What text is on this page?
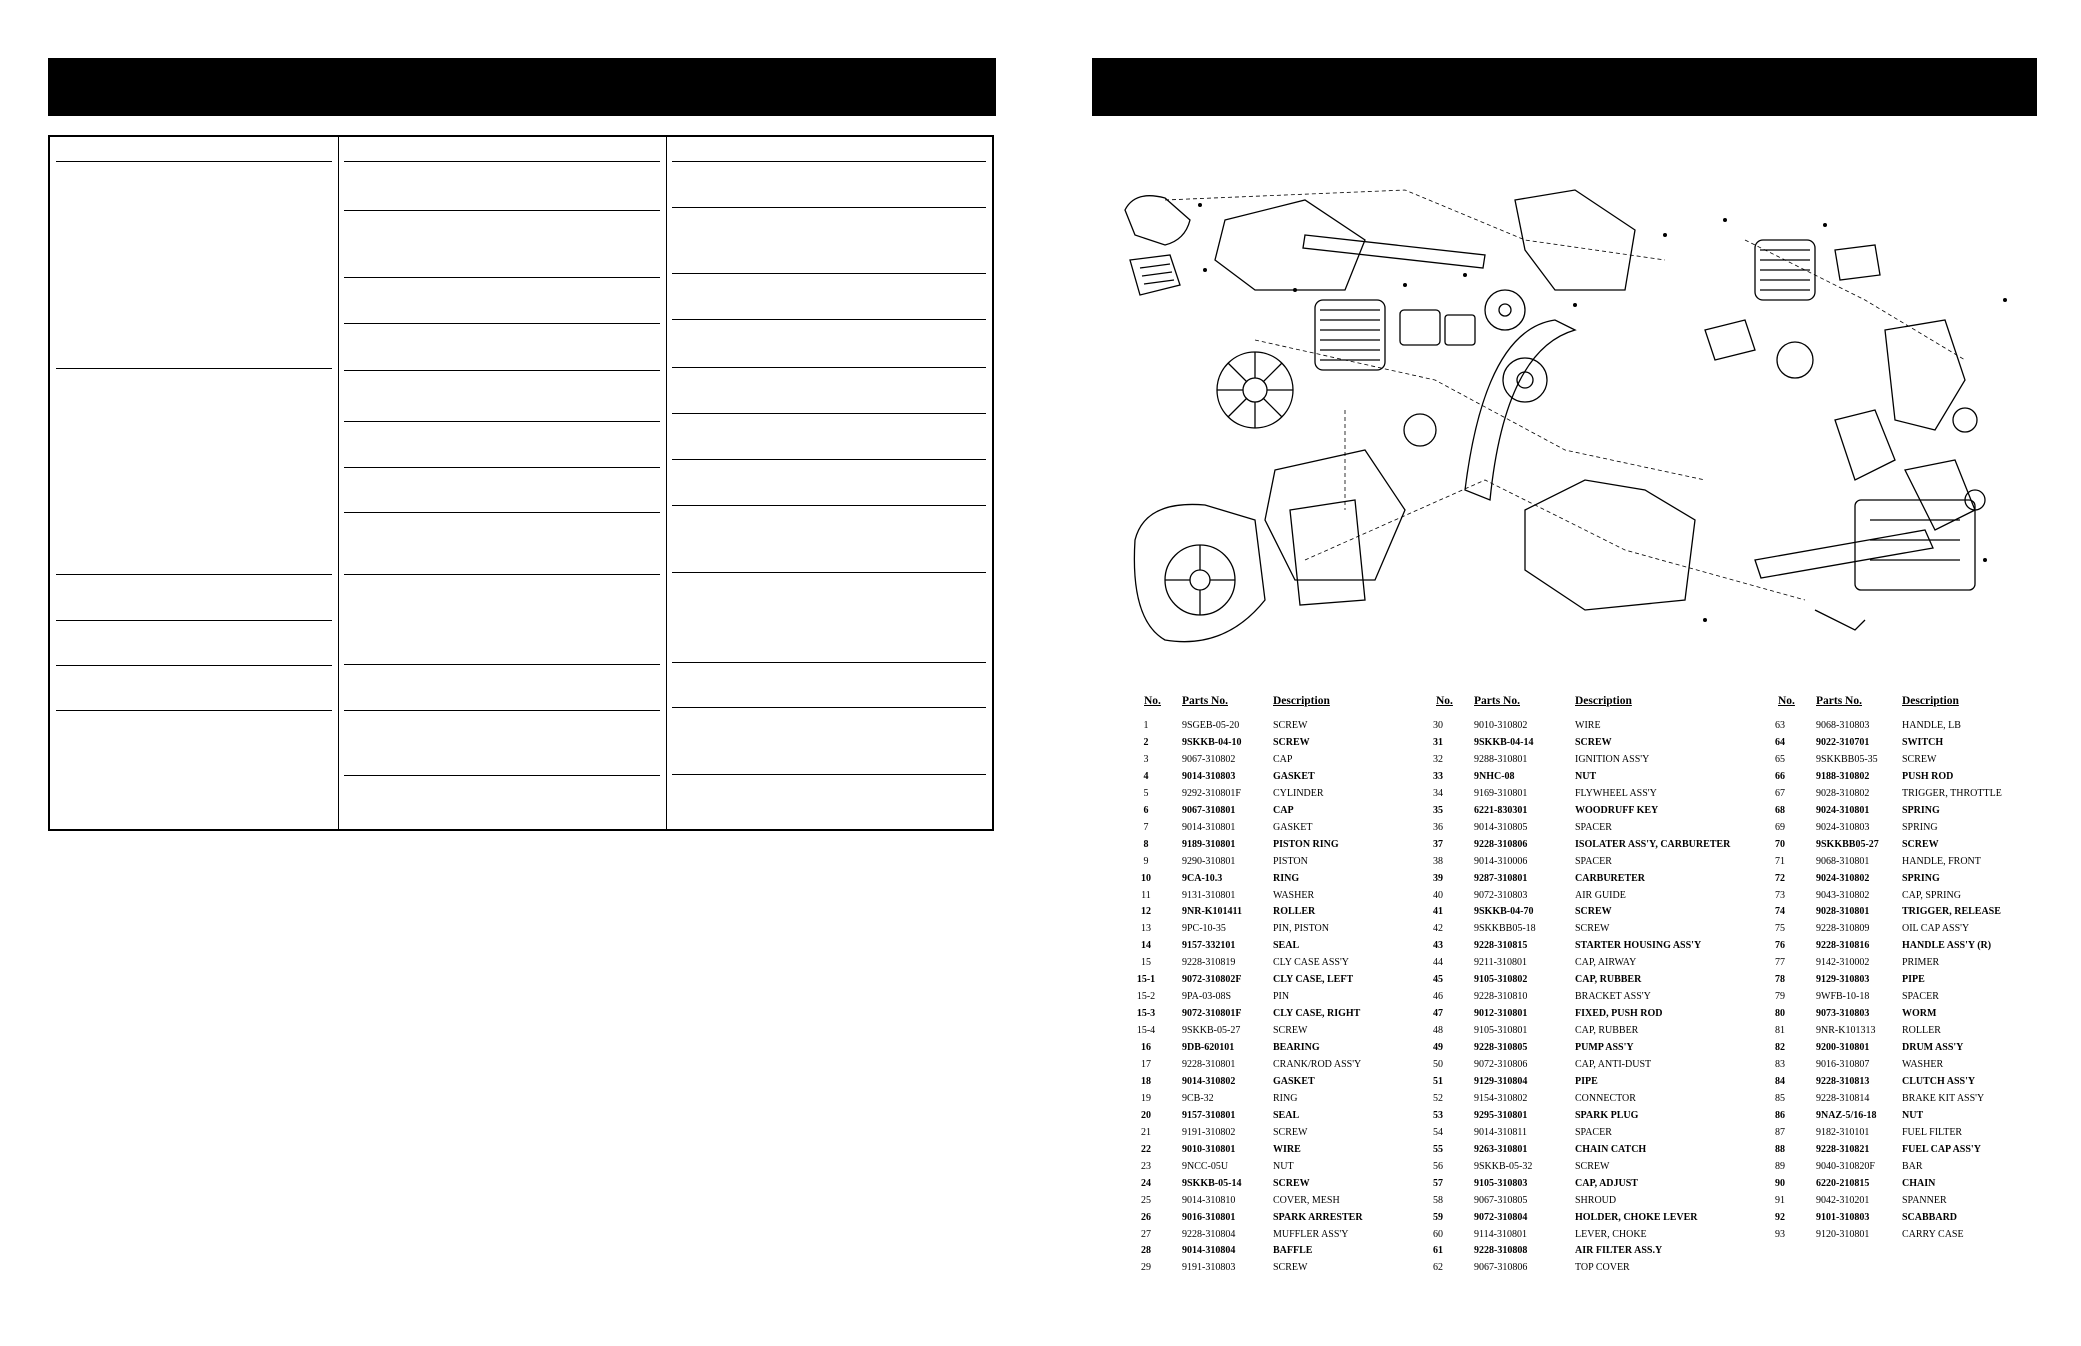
No. Parts No.	Description
1	9SGEB-05-20	SCREW
2	9SKKB-04-10	SCREW
3	9067-310802	CAP
4	9014-310803	GASKET
5	9292-310801F	CYLINDER
6	9067-310801	CAP
7	9014-310801	GASKET
8	9189-310801	PISTON RING
9	9290-310801	PISTON
10	9CA-10.3	RING
11	9131-310801	WASHER
12	9NR-K101411	ROLLER
13	9PC-10-35	PIN, PISTON
14	9157-332101	SEAL
15	9228-310819	CLY CASE ASS'Y
15-1	9072-310802F	CLY CASE, LEFT
15-2	9PA-03-08S	PIN
15-3	9072-310801F	CLY CASE, RIGHT
15-4	9SKKB-05-27	SCREW
16	9DB-620101	BEARING
17	9228-310801	CRANK/ROD ASS'Y
18	9014-310802	GASKET
19	9CB-32	RING
20	9157-310801	SEAL
21	9191-310802	SCREW
22	9010-310801	WIRE
23	9NCC-05U	NUT
24	9SKKB-05-14	SCREW
25	9014-310810	COVER, MESH
26	9016-310801	SPARK ARRESTER
27	9228-310804	MUFFLER ASS'Y
28	9014-310804	BAFFLE
29	9191-310803	SCREW
No. Parts No.	Description
30	9010-310802	WIRE
31	9SKKB-04-14	SCREW
32	9288-310801	IGNITION ASS'Y
33	9NHC-08	NUT
34	9169-310801	FLYWHEEL ASS'Y
35	6221-830301	WOODRUFF KEY
36	9014-310805	SPACER
37	9228-310806	ISOLATER ASS'Y, CARBURETER
38	9014-310006	SPACER
39	9287-310801	CARBURETER
40	9072-310803	AIR GUIDE
41	9SKKB-04-70	SCREW
42	9SKKBB05-18	SCREW
43	9228-310815	STARTER HOUSING ASS'Y
44	9211-310801	CAP, AIRWAY
45	9105-310802	CAP, RUBBER
46	9228-310810	BRACKET ASS'Y
47	9012-310801	FIXED, PUSH ROD
48	9105-310801	CAP, RUBBER
49	9228-310805	PUMP ASS'Y
50	9072-310806	CAP, ANTI-DUST
51	9129-310804	PIPE
52	9154-310802	CONNECTOR
53	9295-310801	SPARK PLUG
54	9014-310811	SPACER
55	9263-310801	CHAIN CATCH
56	9SKKB-05-32	SCREW
57	9105-310803	CAP, ADJUST
58	9067-310805	SHROUD
59	9072-310804	HOLDER, CHOKE LEVER
60	9114-310801	LEVER, CHOKE
61	9228-310808	AIR FILTER ASS.Y
62	9067-310806	TOP COVER
No. Parts No.	Description
63	9068-310803	HANDLE, LB
64	9022-310701	SWITCH
65	9SKKBB05-35 SCREW
66	9188-310802	PUSH ROD
67	9028-310802	TRIGGER, THROTTLE
68	9024-310801	SPRING
69	9024-310803	SPRING
70	9SKKBB05-27 SCREW
71	9068-310801	HANDLE, FRONT
72	9024-310802	SPRING
73	9043-310802	CAP, SPRING
74	9028-310801	TRIGGER, RELEASE
75	9228-310809	OIL CAP ASS'Y
76	9228-310816	HANDLE ASS'Y (R)
77	9142-310002	PRIMER
78	9129-310803	PIPE
79	9WFB-10-18	SPACER
80	9073-310803	WORM
81	9NR-K101313	ROLLER
82	9200-310801	DRUM ASS'Y
83	9016-310807	WASHER
84	9228-310813	CLUTCH ASS'Y
85	9228-310814	BRAKE KIT ASS'Y
86	9NAZ-5/16-18	NUT
87	9182-310101	FUEL FILTER
88	9228-310821	FUEL CAP ASS'Y
89	9040-310820F	BAR
90	6220-210815	CHAIN
91	9042-310201	SPANNER
92	9101-310803	SCABBARD
93	9120-310801	CARRY CASE
